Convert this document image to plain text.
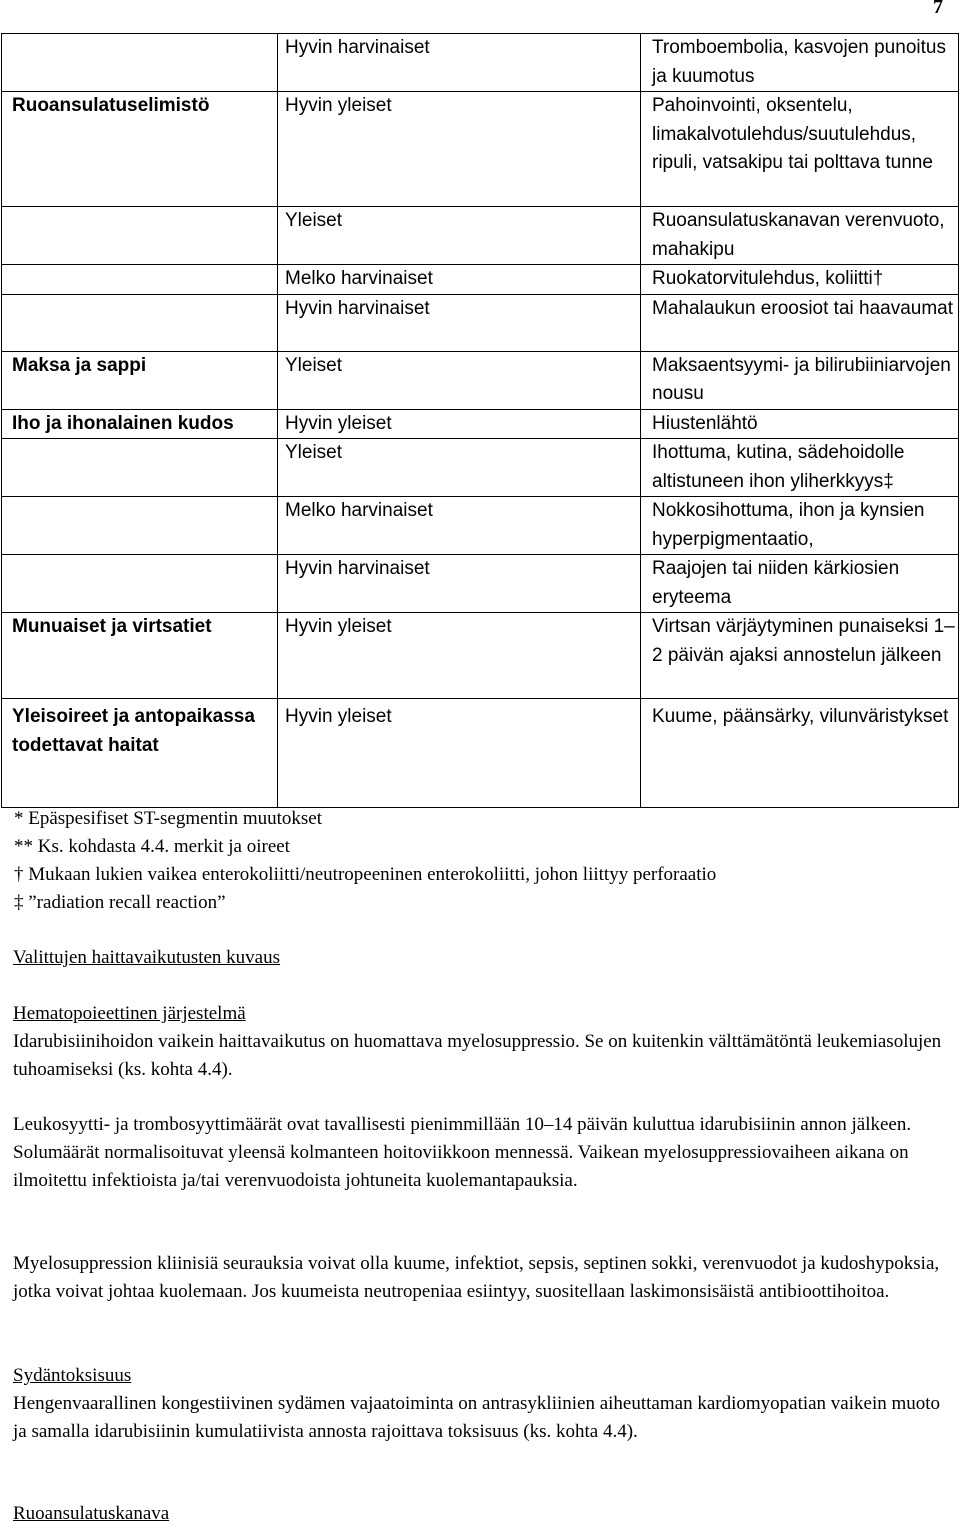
7
	Hyvin harvinaiset	Tromboembolia, kasvojen punoitus ja kuumotus
Ruoansulatuselimistö	Hyvin yleiset	Pahoinvointi, oksentelu, limakalvotulehdus/suutulehdus, ripuli, vatsakipu tai polttava tunne
	Yleiset	Ruoansulatuskanavan verenvuoto, mahakipu
	Melko harvinaiset	Ruokatorvitulehdus, koliitti†
	Hyvin harvinaiset	Mahalaukun eroosiot tai haavaumat
Maksa ja sappi	Yleiset	Maksaentsyymi- ja bilirubiiniarvojen nousu
Iho ja ihonalainen kudos	Hyvin yleiset	Hiustenlähtö
	Yleiset	Ihottuma, kutina, sädehoidolle altistuneen ihon yliherkkyys‡
	Melko harvinaiset	Nokkosihottuma, ihon ja kynsien hyperpigmentaatio,
	Hyvin harvinaiset	Raajojen tai niiden kärkiosien eryteema
Munuaiset ja virtsatiet	Hyvin yleiset	Virtsan värjäytyminen punaiseksi 1–2 päivän ajaksi annostelun jälkeen
Yleisoireet ja antopaikassa todettavat haitat	Hyvin yleiset	Kuume, päänsärky, vilunväristykset
* Epäspesifiset ST-segmentin muutokset
** Ks. kohdasta 4.4. merkit ja oireet
† Mukaan lukien vaikea enterokoliitti/neutropeeninen enterokoliitti, johon liittyy perforaatio
‡ ”radiation recall reaction”

Valittujen haittavaikutusten kuvaus

Hematopoieettinen järjestelmä

Idarubisiinihoidon vaikein haittavaikutus on huomattava myelosuppressio. Se on kuitenkin välttämätöntä leukemiasolujen tuhoamiseksi (ks. kohta 4.4).

Leukosyytti- ja trombosyyttimäärät ovat tavallisesti pienimmillään 10–14 päivän kuluttua idarubisiinin annon jälkeen. Solumäärät normalisoituvat yleensä kolmanteen hoitoviikkoon mennessä. Vaikean myelosuppressiovaiheen aikana on ilmoitettu infektioista ja/tai verenvuodoista johtuneita kuolemantapauksia.

Myelosuppression kliinisiä seurauksia voivat olla kuume, infektiot, sepsis, septinen sokki, verenvuodot ja kudoshypoksia, jotka voivat johtaa kuolemaan. Jos kuumeista neutropeniaa esiintyy, suositellaan laskimonsisäistä antibioottihoitoa.

Sydäntoksisuus

Hengenvaarallinen kongestiivinen sydämen vajaatoiminta on antrasykliinien aiheuttaman kardiomyopatian vaikein muoto ja samalla idarubisiinin kumulatiivista annosta rajoittava toksisuus (ks. kohta 4.4).

Ruoansulatuskanava
